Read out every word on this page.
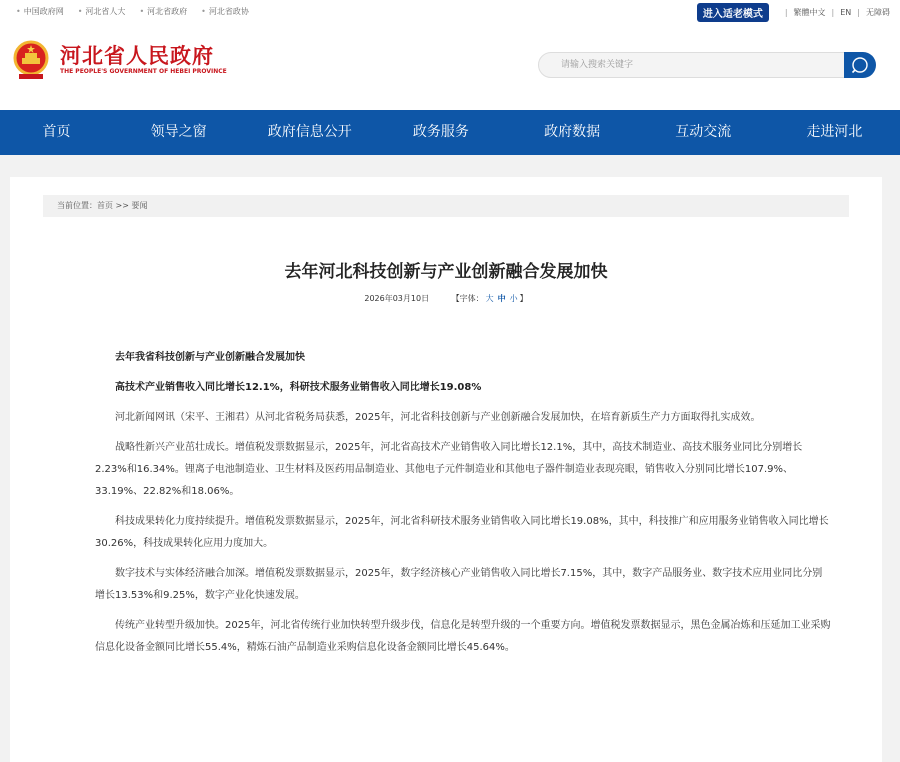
• 中国政府网 • 河北省人大 • 河北省政府 • 河北省政协	进入适老模式	| 繁體中文 | EN | 无障碍
河北省人民政府
THE PEOPLE'S GOVERNMENT OF HEBEI PROVINCE
请输入搜索关键字
首页	领导之窗	政府信息公开	政务服务	政府数据	互动交流	走进河北
当前位置：首页 >> 要闻
去年河北科技创新与产业创新融合发展加快
2026年03月10日	【字体： 大 中 小 】

去年我省科技创新与产业创新融合发展加快

高技术产业销售收入同比增长12.1%，科研技术服务业销售收入同比增长19.08%

河北新闻网讯（宋平、王湘君）从河北省税务局获悉，2025年，河北省科技创新与产业创新融合发展加快，在培育新质生产力方面取得扎实成效。

战略性新兴产业茁壮成长。增值税发票数据显示，2025年，河北省高技术产业销售收入同比增长12.1%，其中，高技术制造业、高技术服务业同比分别增长2.23%和16.34%。锂离子电池制造业、卫生材料及医药用品制造业、其他电子元件制造业和其他电子器件制造业表现亮眼，销售收入分别同比增长107.9%、33.19%、22.82%和18.06%。

科技成果转化力度持续提升。增值税发票数据显示，2025年，河北省科研技术服务业销售收入同比增长19.08%，其中，科技推广和应用服务业销售收入同比增长30.26%，科技成果转化应用力度加大。

数字技术与实体经济融合加深。增值税发票数据显示，2025年，数字经济核心产业销售收入同比增长7.15%，其中，数字产品服务业、数字技术应用业同比分别增长13.53%和9.25%，数字产业化快速发展。

传统产业转型升级加快。2025年，河北省传统行业加快转型升级步伐，信息化是转型升级的一个重要方向。增值税发票数据显示，黑色金属冶炼和压延加工业采购信息化设备金额同比增长55.4%，精炼石油产品制造业采购信息化设备金额同比增长45.64%。
